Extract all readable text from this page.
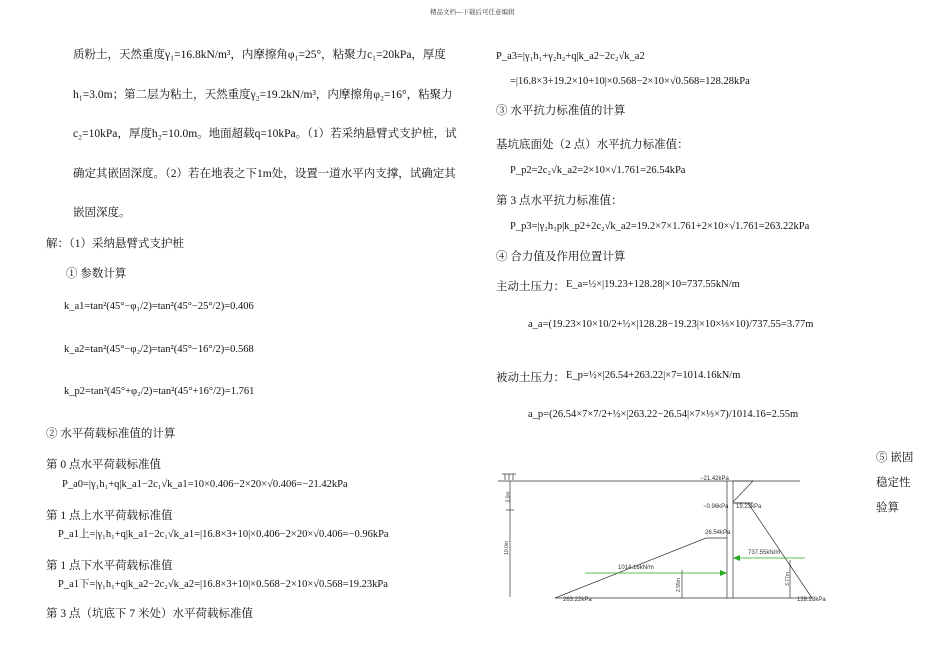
精品文档---下载后可任意编辑
质粉土，天然重度γ₁=16.8kN/m³，内摩擦角φ₁=25°，粘聚力c₁=20kPa，厚度
h₁=3.0m；第二层为粘土，天然重度γ₂=19.2kN/m³，内摩擦角φ₂=16°，粘聚力
c₂=10kPa，厚度h₂=10.0m。地面超载q=10kPa。（1）若采纳悬臂式支护桩，试
确定其嵌固深度。（2）若在地表之下1m处，设置一道水平内支撑，试确定其
嵌固深度。
解：（1）采纳悬臂式支护桩
① 参数计算
k_a1=tan²(45°−φ₁/2)=tan²(45°−25°/2)=0.406
k_a2=tan²(45°−φ₂/2)=tan²(45°−16°/2)=0.568
k_p2=tan²(45°+φ₂/2)=tan²(45°+16°/2)=1.761
② 水平荷载标准值的计算
第 0 点水平荷载标准值
P_a0=|γ₁h₁+q|k_a1−2c₁√k_a1=10×0.406−2×20×√0.406=−21.42kPa
第 1 点上水平荷载标准值
P_a1上=|γ₁h₁+q|k_a1−2c₁√k_a1=|16.8×3+10|×0.406−2×20×√0.406=−0.96kPa
第 1 点下水平荷载标准值
P_a1下=|γ₁h₁+q|k_a2−2c₂√k_a2=|16.8×3+10|×0.568−2×10×√0.568=19.23kPa
第 3 点（坑底下 7 米处）水平荷载标准值
P_a3=|γ₁h₁+γ₂h₂+q|k_a2−2c₂√k_a2
=|16.8×3+19.2×10+10|×0.568−2×10×√0.568=128.28kPa
③ 水平抗力标准值的计算
基坑底面处（2 点）水平抗力标准值：
P_p2=2c₂√k_a2=2×10×√1.761=26.54kPa
第 3 点水平抗力标准值：
P_p3=|γ₂h₃p|k_p2+2c₂√k_a2=19.2×7×1.761+2×10×√1.761=263.22kPa
④ 合力值及作用位置计算
主动土压力： E_a=½×|19.23+128.28|×10=737.55kN/m
a_a=(19.23×10×10/2+½×|128.28−19.23|×10×⅓×10)/737.55=3.77m
被动土压力： E_p=½×|26.54+263.22|×7=1014.16kN/m
a_p=(26.54×7×7/2+½×|263.22−26.54|×7×⅓×7)/1014.16=2.55m
⑤ 嵌固
稳定性
验算
−21.42kPa
−0.96kPa 19.23kPa
26.54kPa
737.55kN/m
1014.16kN/m
263.22kPa	128.28kPa
3.0m
10.0m
2.55m	3.77m
